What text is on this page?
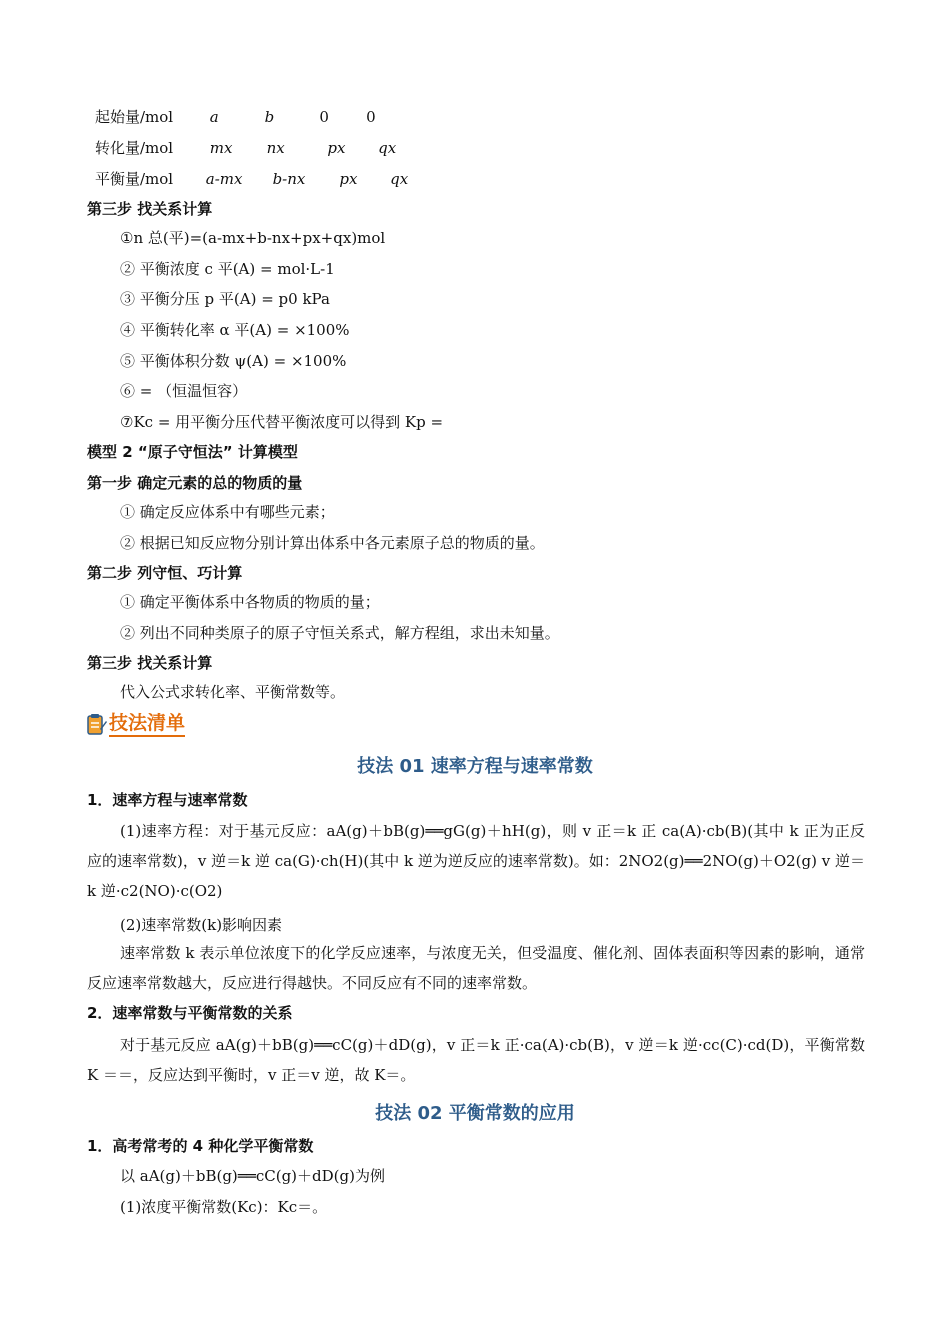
起始量/mol a	b	0 0
转化量/mol mx nx	px qx
平衡量/mol a-mx b-nx px qx
第三步 找关系计算
①n 总(平)=(a-mx+b-nx+px+qx)mol
② 平衡浓度 c 平(A) = mol·L-1
③ 平衡分压 p 平(A) = p0 kPa
④ 平衡转化率 α 平(A) = ×100%
⑤ 平衡体积分数 ψ(A) = ×100%
⑥ = （恒温恒容）
⑦Kc = 用平衡分压代替平衡浓度可以得到 Kp =
模型 2 “原子守恒法” 计算模型
第一步 确定元素的总的物质的量
① 确定反应体系中有哪些元素；
② 根据已知反应物分别计算出体系中各元素原子总的物质的量。
第二步 列守恒、巧计算
① 确定平衡体系中各物质的物质的量；
② 列出不同种类原子的原子守恒关系式，解方程组，求出未知量。
第三步 找关系计算
代入公式求转化率、平衡常数等。
技法清单
技法 01 速率方程与速率常数
1．速率方程与速率常数
(1)速率方程：对于基元反应：aA(g)＋bB(g)══gG(g)＋hH(g)，则 v 正＝k 正 ca(A)·cb(B)(其中 k 正为正反应的速率常数)，v 逆＝k 逆 ca(G)·ch(H)(其中 k 逆为逆反应的速率常数)。如：2NO2(g)══2NO(g)＋O2(g) v 逆＝k 逆·c2(NO)·c(O2)
(2)速率常数(k)影响因素
速率常数 k 表示单位浓度下的化学反应速率，与浓度无关，但受温度、催化剂、固体表面积等因素的影响，通常反应速率常数越大，反应进行得越快。不同反应有不同的速率常数。
2．速率常数与平衡常数的关系
对于基元反应 aA(g)＋bB(g)══cC(g)＋dD(g)，v 正＝k 正·ca(A)·cb(B)，v 逆＝k 逆·cc(C)·cd(D)，平衡常数 K ＝＝，反应达到平衡时，v 正＝v 逆，故 K＝。
技法 02 平衡常数的应用
1．高考常考的 4 种化学平衡常数
以 aA(g)＋bB(g)══cC(g)＋dD(g)为例
(1)浓度平衡常数(Kc)：Kc＝。
